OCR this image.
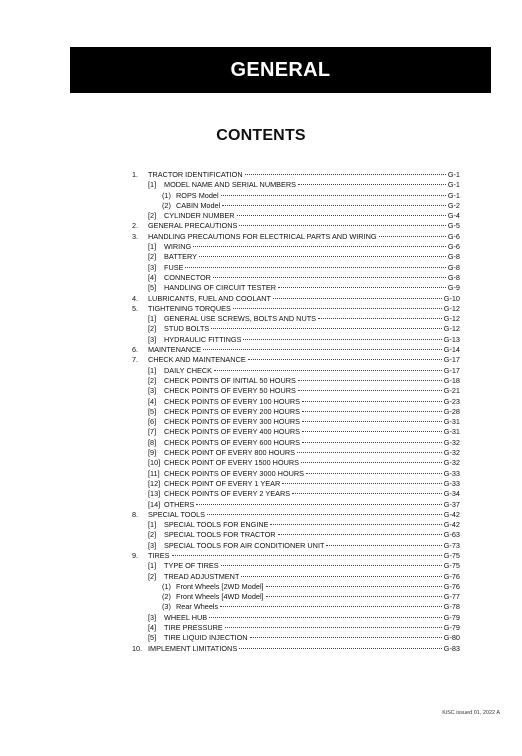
GENERAL
CONTENTS
1.	TRACTOR IDENTIFICATION	G-1
[1]	MODEL NAME AND SERIAL NUMBERS	G-1
(1) ROPS Model	G-1
(2) CABIN Model	G-2
[2]	CYLINDER NUMBER	G-4
2.	GENERAL PRECAUTIONS	G-5
3.	HANDLING PRECAUTIONS FOR ELECTRICAL PARTS AND WIRING	G-6
[1]	WIRING	G-6
[2]	BATTERY	G-8
[3]	FUSE	G-8
[4]	CONNECTOR	G-8
[5]	HANDLING OF CIRCUIT TESTER	G-9
4.	LUBRICANTS, FUEL AND COOLANT	G-10
5.	TIGHTENING TORQUES	G-12
[1]	GENERAL USE SCREWS, BOLTS AND NUTS	G-12
[2]	STUD BOLTS	G-12
[3]	HYDRAULIC FITTINGS	G-13
6.	MAINTENANCE	G-14
7.	CHECK AND MAINTENANCE	G-17
[1]	DAILY CHECK	G-17
[2]	CHECK POINTS OF INITIAL 50 HOURS	G-18
[3]	CHECK POINTS OF EVERY 50 HOURS	G-21
[4]	CHECK POINTS OF EVERY 100 HOURS	G-23
[5]	CHECK POINTS OF EVERY 200 HOURS	G-28
[6]	CHECK POINTS OF EVERY 300 HOURS	G-31
[7]	CHECK POINTS OF EVERY 400 HOURS	G-31
[8]	CHECK POINTS OF EVERY 600 HOURS	G-32
[9]	CHECK POINT OF EVERY 800 HOURS	G-32
[10] CHECK POINT OF EVERY 1500 HOURS	G-32
[11] CHECK POINTS OF EVERY 3000 HOURS	G-33
[12] CHECK POINT OF EVERY 1 YEAR	G-33
[13] CHECK POINTS OF EVERY 2 YEARS	G-34
[14] OTHERS	G-37
8.	SPECIAL TOOLS	G-42
[1]	SPECIAL TOOLS FOR ENGINE	G-42
[2]	SPECIAL TOOLS FOR TRACTOR	G-63
[3]	SPECIAL TOOLS FOR AIR CONDITIONER UNIT	G-73
9.	TIRES	G-75
[1]	TYPE OF TIRES	G-75
[2]	TREAD ADJUSTMENT	G-76
(1) Front Wheels [2WD Model]	G-76
(2) Front Wheels [4WD Model]	G-77
(3) Rear Wheels	G-78
[3]	WHEEL HUB	G-79
[4]	TIRE PRESSURE	G-79
[5]	TIRE LIQUID INJECTION	G-80
10. IMPLEMENT LIMITATIONS	G-83
KiSC issued 01, 2022 A
